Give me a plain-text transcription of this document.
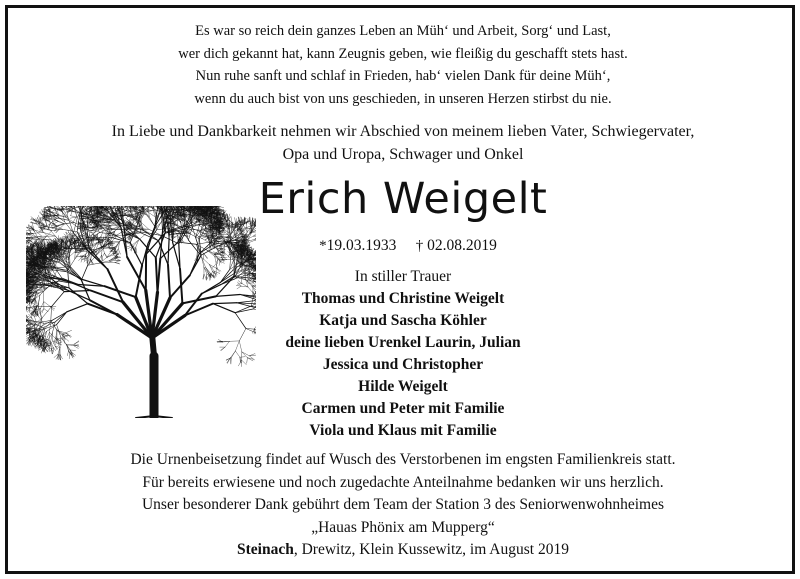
Es war so reich dein ganzes Leben an Müh‘ und Arbeit, Sorg‘ und Last,
wer dich gekannt hat, kann Zeugnis geben, wie fleißig du geschafft stets hast.
Nun ruhe sanft und schlaf in Frieden, hab‘ vielen Dank für deine Müh‘,
wenn du auch bist von uns geschieden, in unseren Herzen stirbst du nie.
In Liebe und Dankbarkeit nehmen wir Abschied von meinem lieben Vater, Schwiegervater,
Opa und Uropa, Schwager und Onkel
Erich Weigelt
*19.03.1933 † 02.08.2019
In stiller Trauer
Thomas und Christine Weigelt
Katja und Sascha Köhler
deine lieben Urenkel Laurin, Julian
Jessica und Christopher
Hilde Weigelt
Carmen und Peter mit Familie
Viola und Klaus mit Familie
Die Urnenbeisetzung findet auf Wusch des Verstorbenen im engsten Familienkreis statt.
Für bereits erwiesene und noch zugedachte Anteilnahme bedanken wir uns herzlich.
Unser besonderer Dank gebührt dem Team der Station 3 des Seniorwenwohnheimes
„Hauas Phönix am Mupperg“
Steinach, Drewitz, Klein Kussewitz, im August 2019
